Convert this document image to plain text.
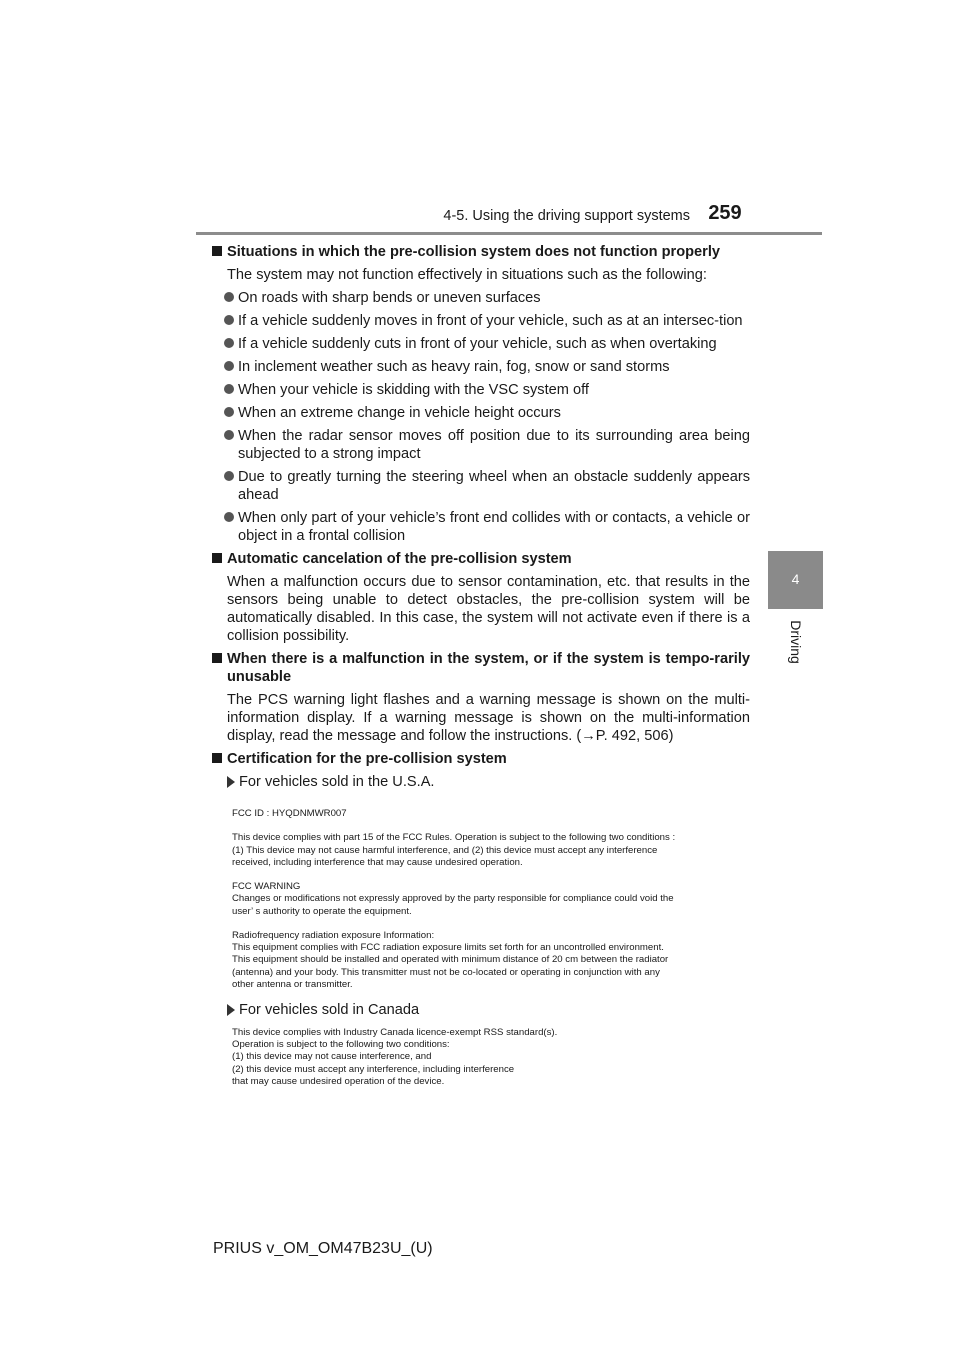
4-5. Using the driving support systems 259
4
Driving
Situations in which the pre-collision system does not function properly
The system may not function effectively in situations such as the following:
On roads with sharp bends or uneven surfaces
If a vehicle suddenly moves in front of your vehicle, such as at an intersec-tion
If a vehicle suddenly cuts in front of your vehicle, such as when overtaking
In inclement weather such as heavy rain, fog, snow or sand storms
When your vehicle is skidding with the VSC system off
When an extreme change in vehicle height occurs
When the radar sensor moves off position due to its surrounding area being subjected to a strong impact
Due to greatly turning the steering wheel when an obstacle suddenly appears ahead
When only part of your vehicle’s front end collides with or contacts, a vehicle or object in a frontal collision
Automatic cancelation of the pre-collision system
When a malfunction occurs due to sensor contamination, etc. that results in the sensors being unable to detect obstacles, the pre-collision system will be automatically disabled. In this case, the system will not activate even if there is a collision possibility.
When there is a malfunction in the system, or if the system is tempo-rarily unusable
The PCS warning light flashes and a warning message is shown on the multi-information display. If a warning message is shown on the multi-information display, read the message and follow the instructions. (→P. 492, 506)
Certification for the pre-collision system
For vehicles sold in the U.S.A.
FCC ID : HYQDNMWR007

This device complies with part 15 of the FCC Rules. Operation is subject to the following two conditions :
(1) This device may not cause harmful interference, and (2) this device must accept any interference
received, including interference that may cause undesired operation.

FCC WARNING
Changes or modifications not expressly approved by the party responsible for compliance could void the
user’ s authority to operate the equipment.

Radiofrequency radiation exposure Information:
This equipment complies with FCC radiation exposure limits set forth for an uncontrolled environment.
This equipment should be installed and operated with minimum distance of 20 cm between the radiator
(antenna) and your body. This transmitter must not be co-located or operating in conjunction with any
other antenna or transmitter.
For vehicles sold in Canada
This device complies with Industry Canada licence-exempt RSS standard(s).
Operation is subject to the following two conditions:
(1) this device may not cause interference, and
(2) this device must accept any interference, including interference
that may cause undesired operation of the device.
PRIUS v_OM_OM47B23U_(U)
